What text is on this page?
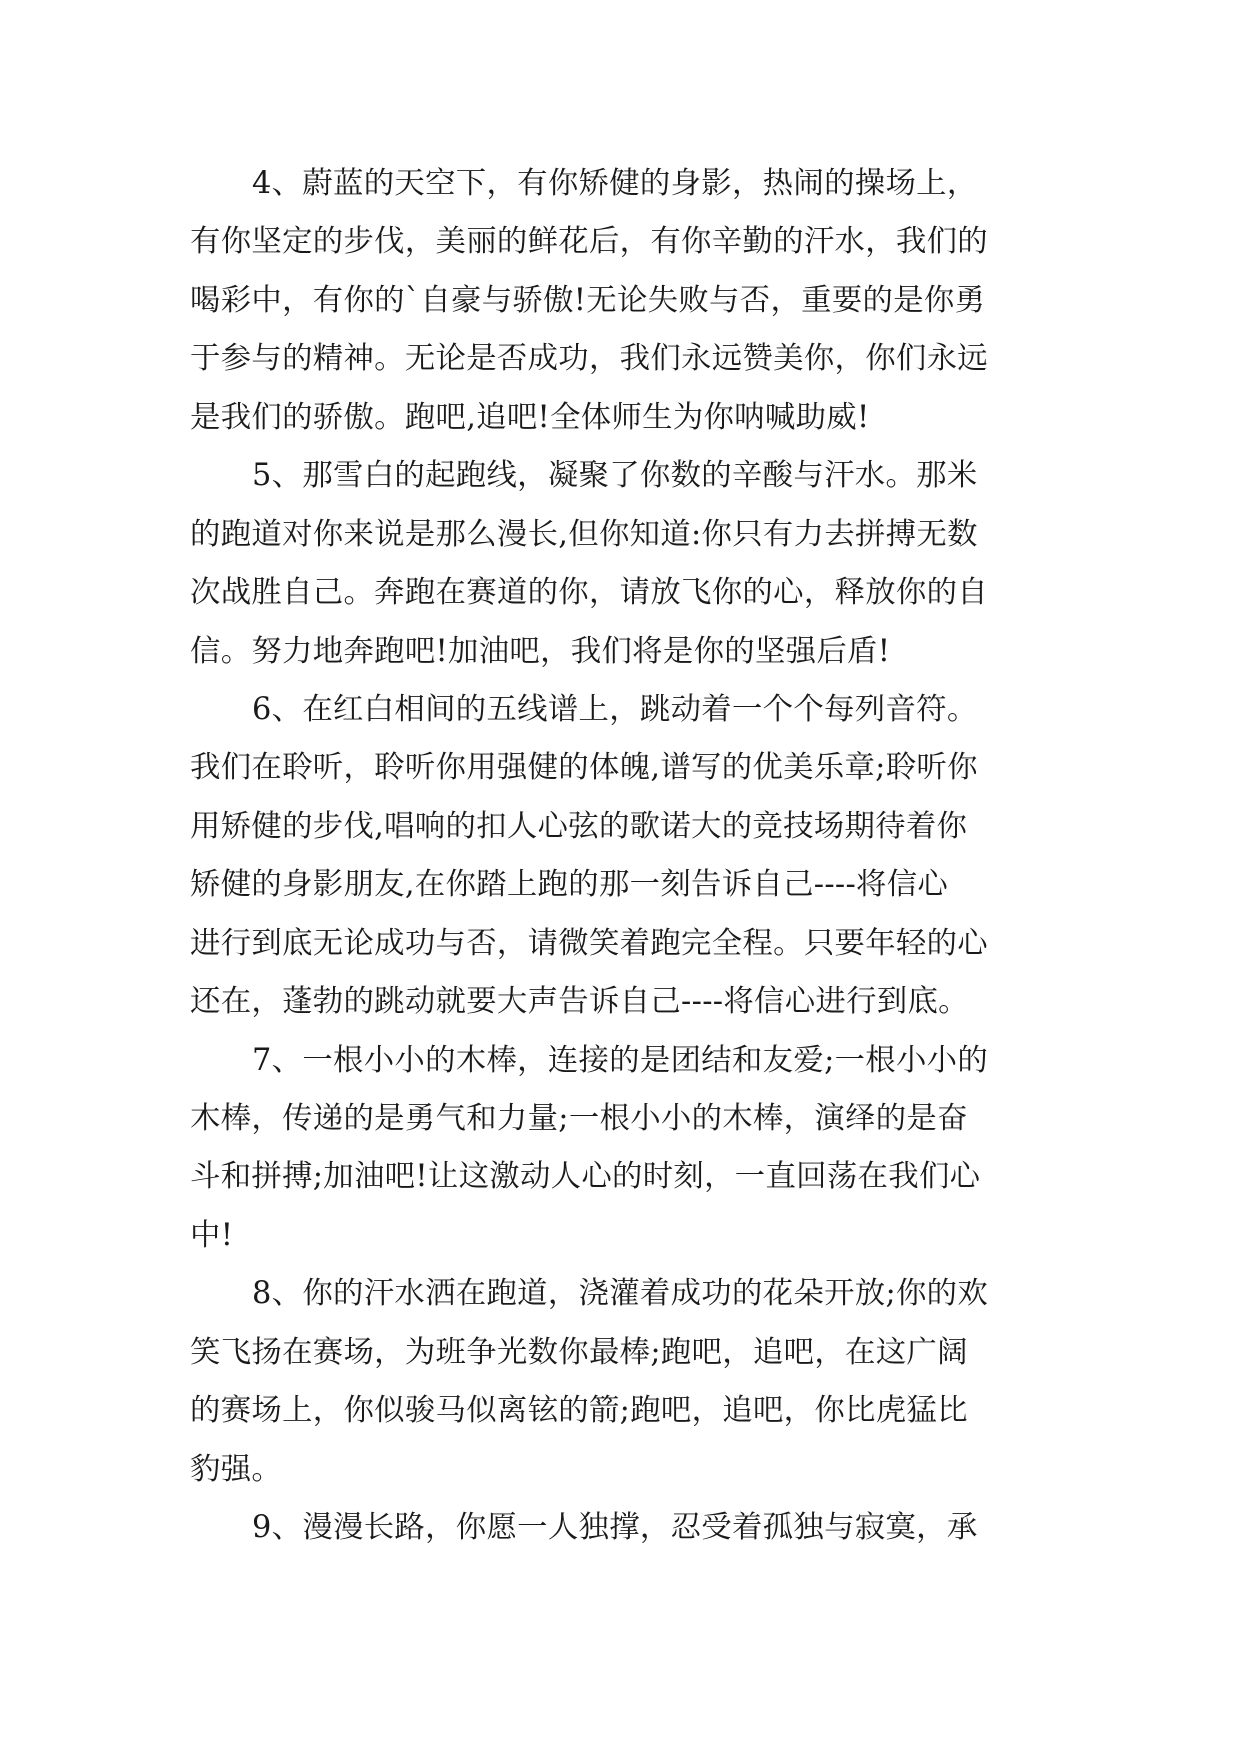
4、蔚蓝的天空下，有你矫健的身影，热闹的操场上，
有你坚定的步伐，美丽的鲜花后，有你辛勤的汗水，我们的
喝彩中，有你的`自豪与骄傲!无论失败与否，重要的是你勇
于参与的精神。无论是否成功，我们永远赞美你，你们永远
是我们的骄傲。跑吧,追吧!全体师生为你呐喊助威!
5、那雪白的起跑线，凝聚了你数的辛酸与汗水。那米
的跑道对你来说是那么漫长,但你知道:你只有力去拼搏无数
次战胜自己。奔跑在赛道的你，请放飞你的心，释放你的自
信。努力地奔跑吧!加油吧，我们将是你的坚强后盾!
6、在红白相间的五线谱上，跳动着一个个每列音符。
我们在聆听，聆听你用强健的体魄,谱写的优美乐章;聆听你
用矫健的步伐,唱响的扣人心弦的歌诺大的竞技场期待着你
矫健的身影朋友,在你踏上跑的那一刻告诉自己----将信心
进行到底无论成功与否，请微笑着跑完全程。只要年轻的心
还在，蓬勃的跳动就要大声告诉自己----将信心进行到底。
7、一根小小的木棒，连接的是团结和友爱;一根小小的
木棒，传递的是勇气和力量;一根小小的木棒，演绎的是奋
斗和拼搏;加油吧!让这激动人心的时刻，一直回荡在我们心
中!
8、你的汗水洒在跑道，浇灌着成功的花朵开放;你的欢
笑飞扬在赛场，为班争光数你最棒;跑吧，追吧，在这广阔
的赛场上，你似骏马似离铉的箭;跑吧，追吧，你比虎猛比
豹强。
9、漫漫长路，你愿一人独撑，忍受着孤独与寂寞，承
